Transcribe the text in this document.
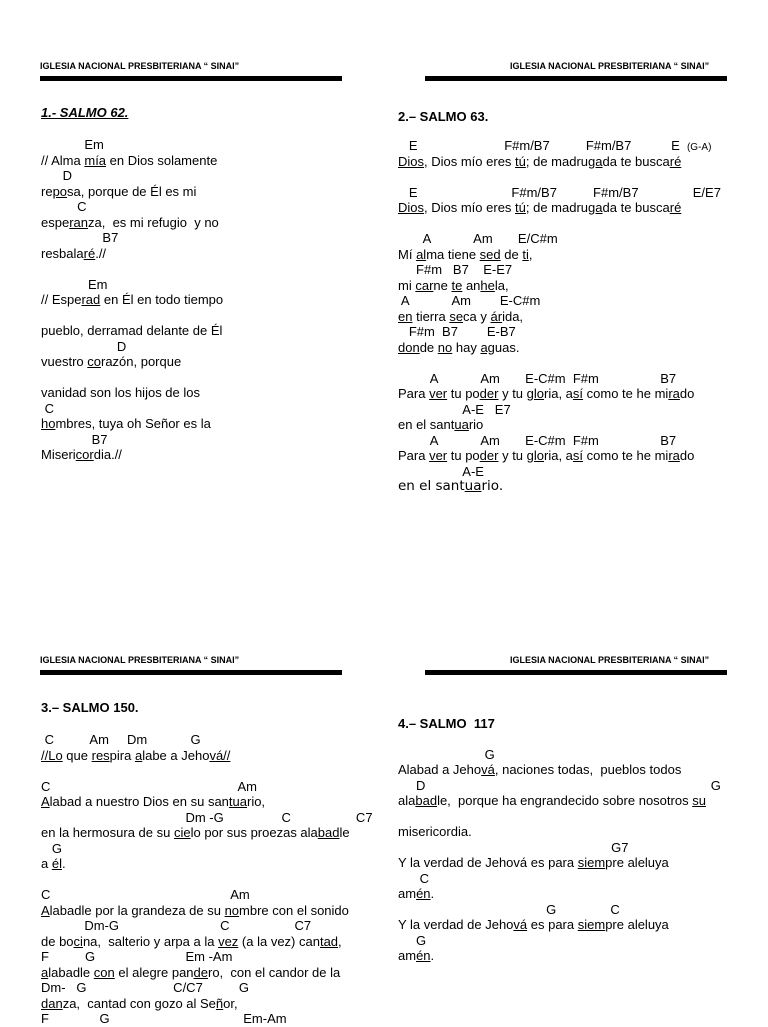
IGLESIA NACIONAL PRESBITERIANA “ SINAI”	IGLESIA NACIONAL PRESBITERIANA “ SINAI”
IGLESIA NACIONAL PRESBITERIANA “ SINAI”	IGLESIA NACIONAL PRESBITERIANA “ SINAI”
1.- SALMO 62.	2.– SALMO 63.
3.– SALMO 150.
4.– SALMO  117
Em
// Alma mía en Dios solamente
D
reposa, porque de Él es mi
C
esperanza,  es mi refugio  y no
B7
resbalaré.//
Em
// Esperad en Él en todo tiempo
pueblo, derramad delante de Él
D
vuestro corazón, porque
vanidad son los hijos de los
C
hombres, tuya oh Señor es la
B7
Misericordia.//
E                        F#m/B7          F#m/B7           E  (G-A)
Dios, Dios mío eres tú; de madrugada te buscaré
E                          F#m/B7          F#m/B7               E/E7
Dios, Dios mío eres tú; de madrugada te buscaré
A            Am       E/C#m
Mí alma tiene sed de ti,
F#m   B7    E-E7
mi carne te anhela,
A            Am        E-C#m
en tierra seca y árida,
F#m  B7        E-B7
donde no hay aguas.
A            Am       E-C#m  F#m                 B7
Para ver tu poder y tu gloria, así como te he mirado
A-E   E7
en el santuario
A            Am       E-C#m  F#m                 B7
Para ver tu poder y tu gloria, así como te he mirado
A-E
en el santuario.
C          Am     Dm            G
//Lo que respira alabe a Jehová//
C                                                    Am
Alabad a nuestro Dios en su santuario,
Dm -G                C                  C7
en la hermosura de su cielo por sus proezas alabadle
G
a él.
C                                                  Am
Alabadle por la grandeza de su nombre con el sonido
Dm-G                            C                  C7
de bocina,  salterio y arpa a la vez (a la vez) cantad,
F          G                         Em -Am
alabadle con el alegre pandero,  con el candor de la
Dm-   G                        C/C7          G
danza,  cantad con gozo al Señor,
F              G                                     Em-Am
G
Alabad a Jehová, naciones todas,  pueblos todos
D                                                                               G
alabadle,  porque ha engrandecido sobre nosotros su
misericordia.
G7
Y la verdad de Jehová es para siempre aleluya
C
amén.
G               C
Y la verdad de Jehová es para siempre aleluya
G
amén.
